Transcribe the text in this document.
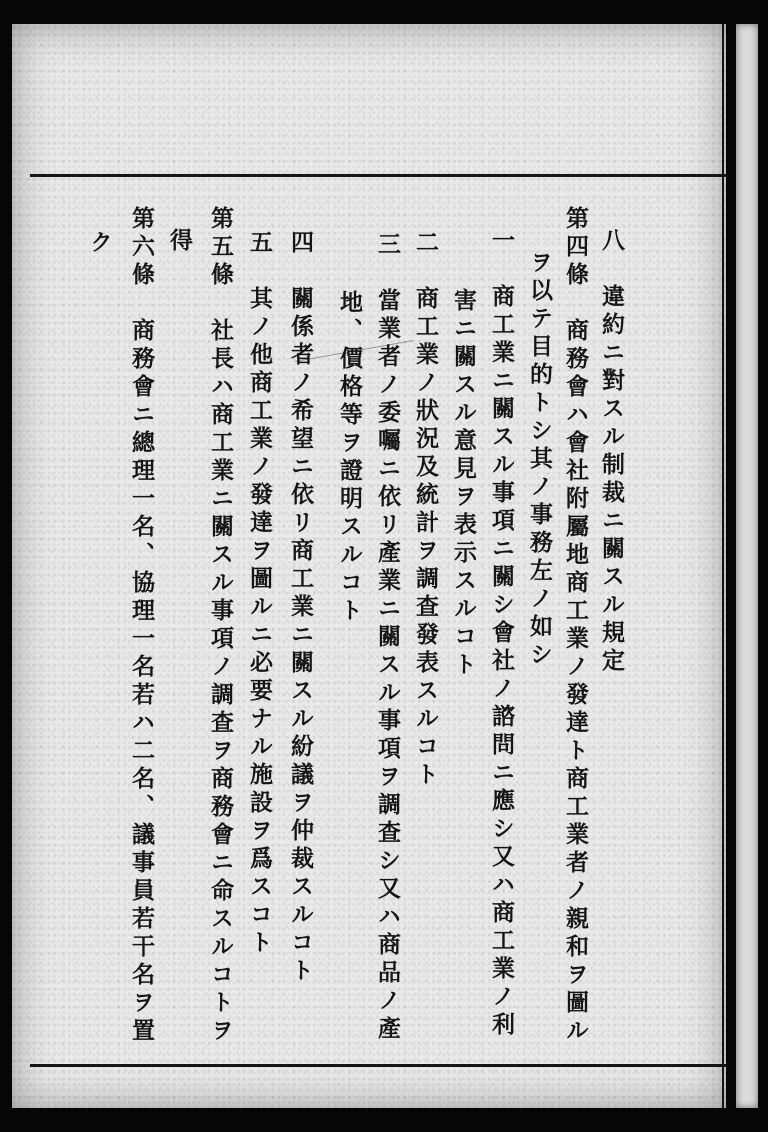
八　違約ニ對スル制裁ニ關スル規定
第四條　商務會ハ會社附屬地商工業ノ發達ト商工業者ノ親和ヲ圖ル
ヲ以テ目的トシ其ノ事務左ノ如シ
一　商工業ニ關スル事項ニ關シ會社ノ諮問ニ應シ又ハ商工業ノ利
害ニ關スル意見ヲ表示スルコト
二　商工業ノ狀況及統計ヲ調查發表スルコト
三　當業者ノ委囑ニ依リ產業ニ關スル事項ヲ調查シ又ハ商品ノ產
地、價格等ヲ證明スルコト
四　關係者ノ希望ニ依リ商工業ニ關スル紛議ヲ仲裁スルコト
五　其ノ他商工業ノ發達ヲ圖ルニ必要ナル施設ヲ爲スコト
第五條　社長ハ商工業ニ關スル事項ノ調查ヲ商務會ニ命スルコトヲ
得
第六條　商務會ニ總理一名、協理一名若ハ二名、議事員若干名ヲ置
ク
